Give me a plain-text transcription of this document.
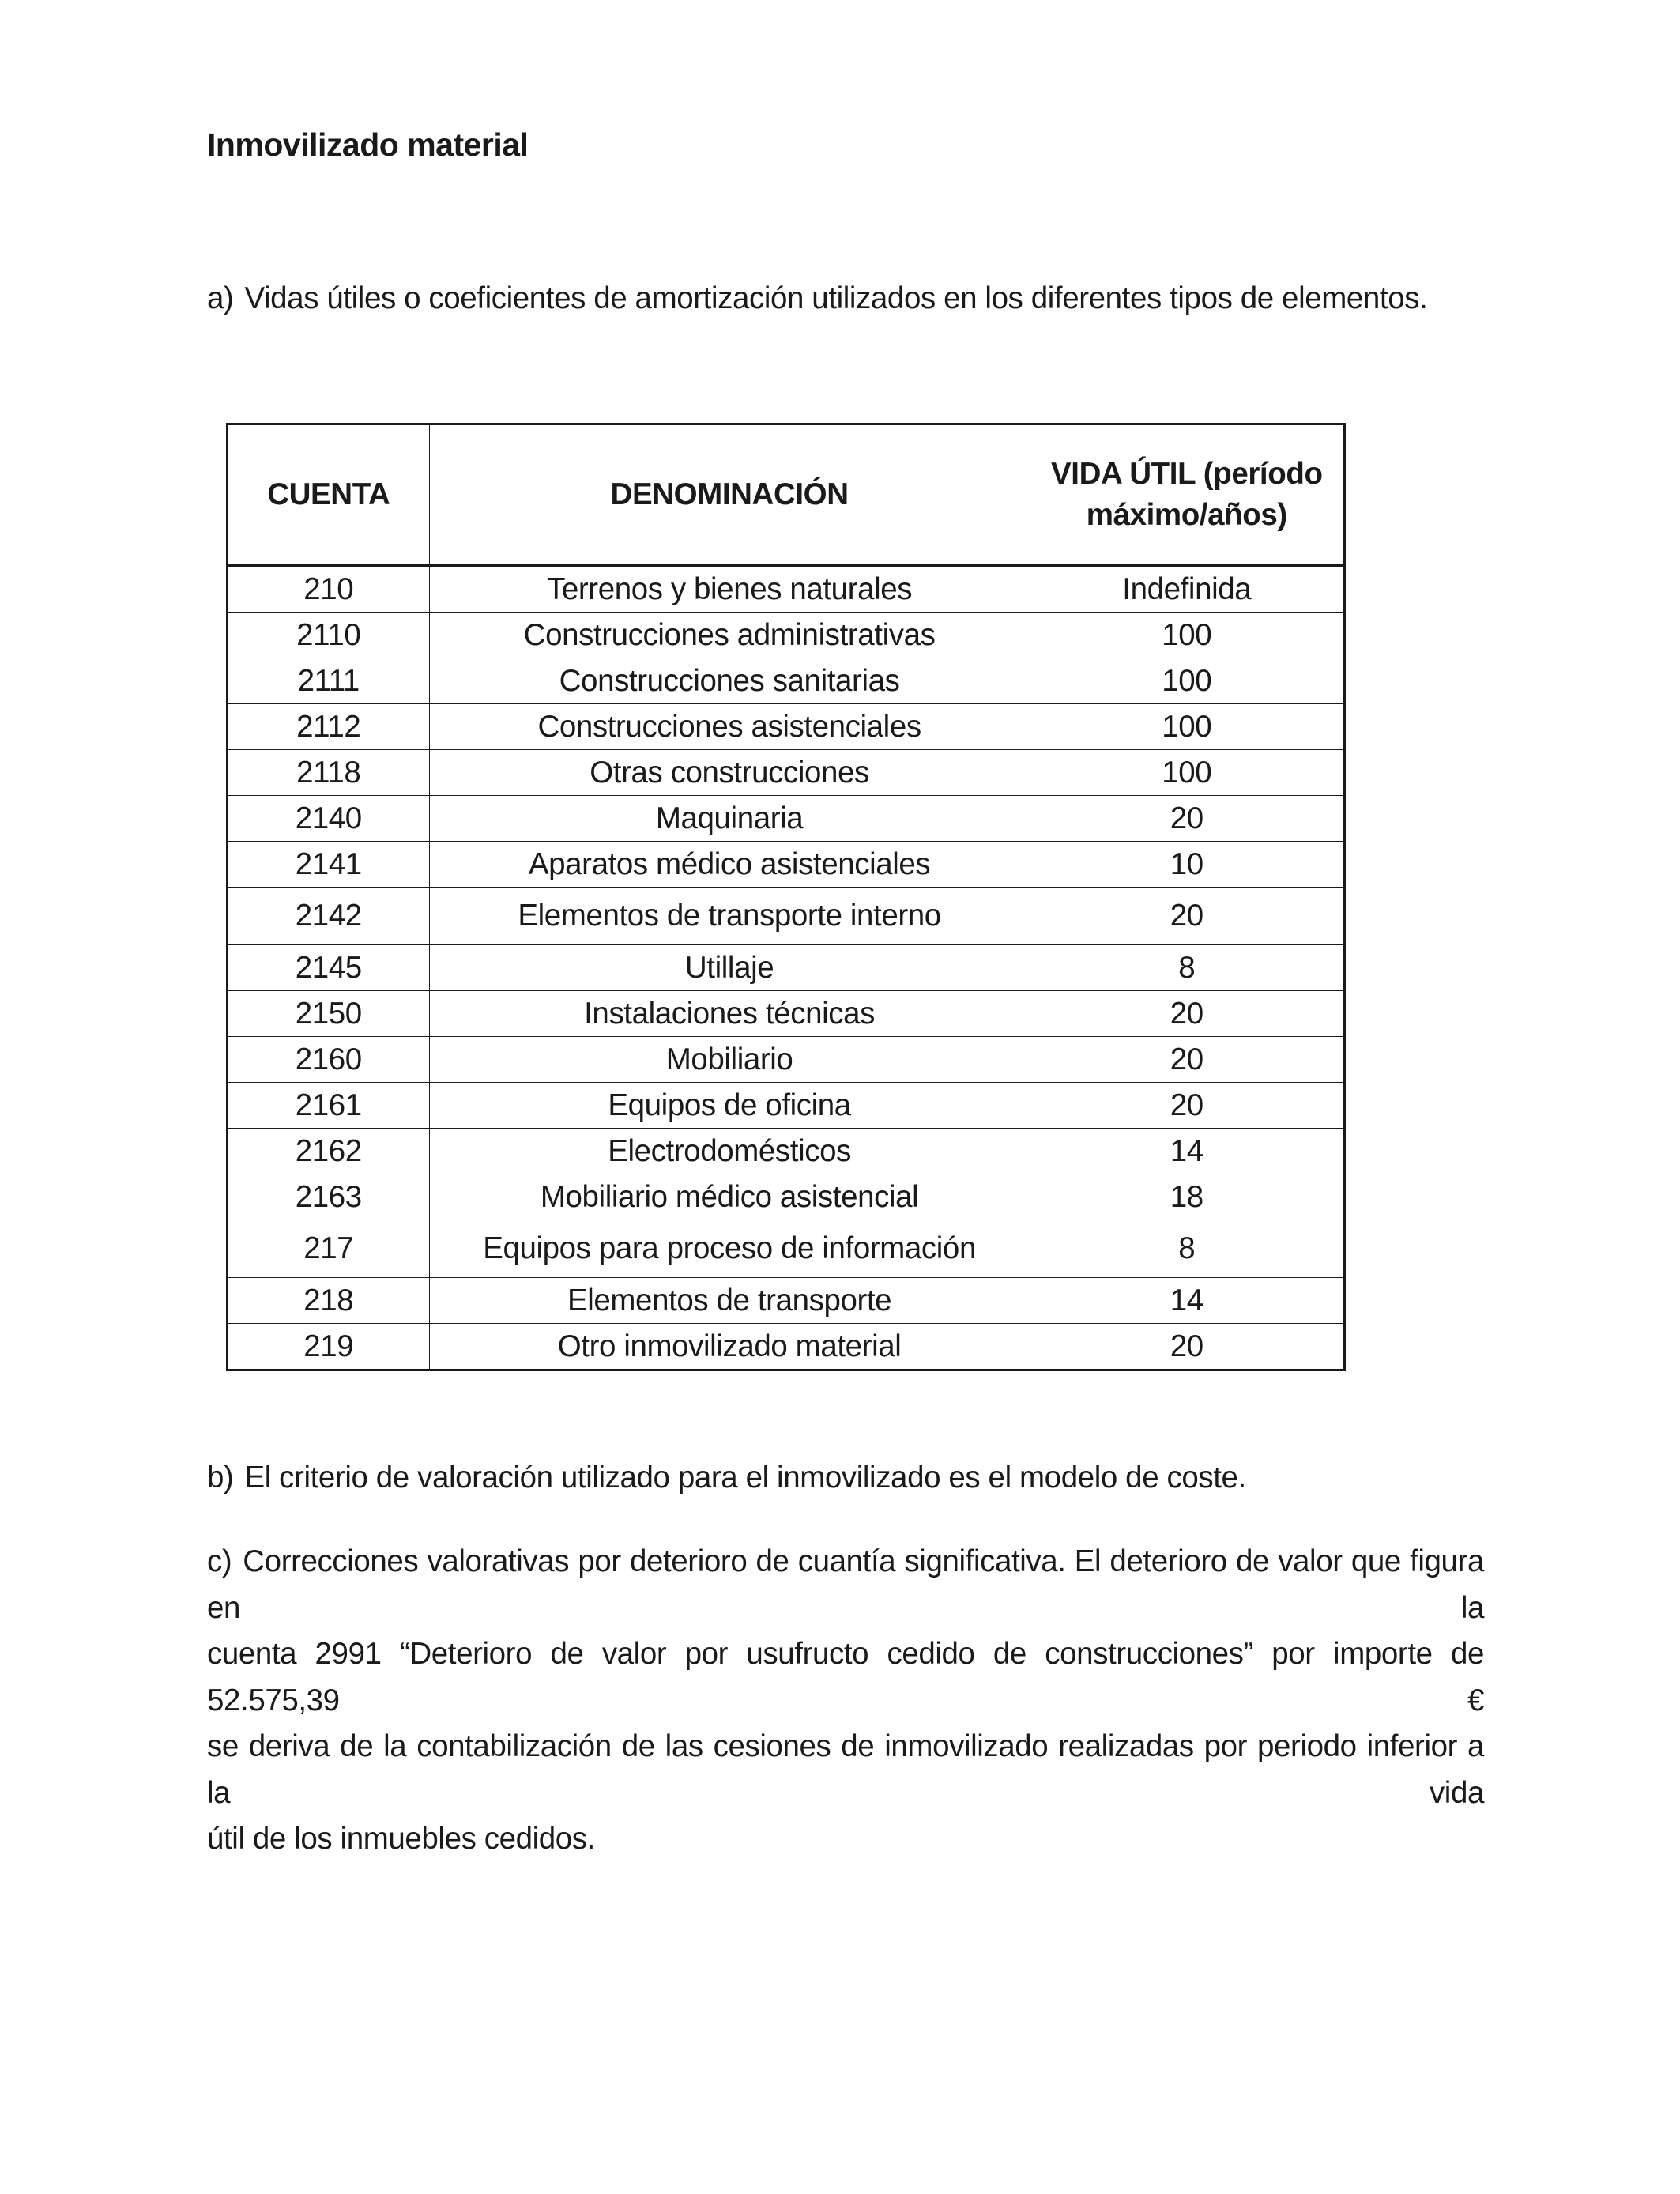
Inmovilizado material

a) Vidas útiles o coeficientes de amortización utilizados en los diferentes tipos de elementos.

CUENTA	DENOMINACIÓN	VIDA ÚTIL (período
máximo/años)
210	Terrenos y bienes naturales	Indefinida
2110	Construcciones administrativas	100
2111	Construcciones sanitarias	100
2112	Construcciones asistenciales	100
2118	Otras construcciones	100
2140	Maquinaria	20
2141	Aparatos médico asistenciales	10
2142	Elementos de transporte interno	20
2145	Utillaje	8
2150	Instalaciones técnicas	20
2160	Mobiliario	20
2161	Equipos de oficina	20
2162	Electrodomésticos	14
2163	Mobiliario médico asistencial	18
217	Equipos para proceso de información	8
218	Elementos de transporte	14
219	Otro inmovilizado material	20

b) El criterio de valoración utilizado para el inmovilizado es el modelo de coste.

c) Correcciones valorativas por deterioro de cuantía significativa. El deterioro de valor que figura en la
cuenta 2991 “Deterioro de valor por usufructo cedido de construcciones” por importe de 52.575,39 €
se deriva de la contabilización de las cesiones de inmovilizado realizadas por periodo inferior a la vida
útil de los inmuebles cedidos.
